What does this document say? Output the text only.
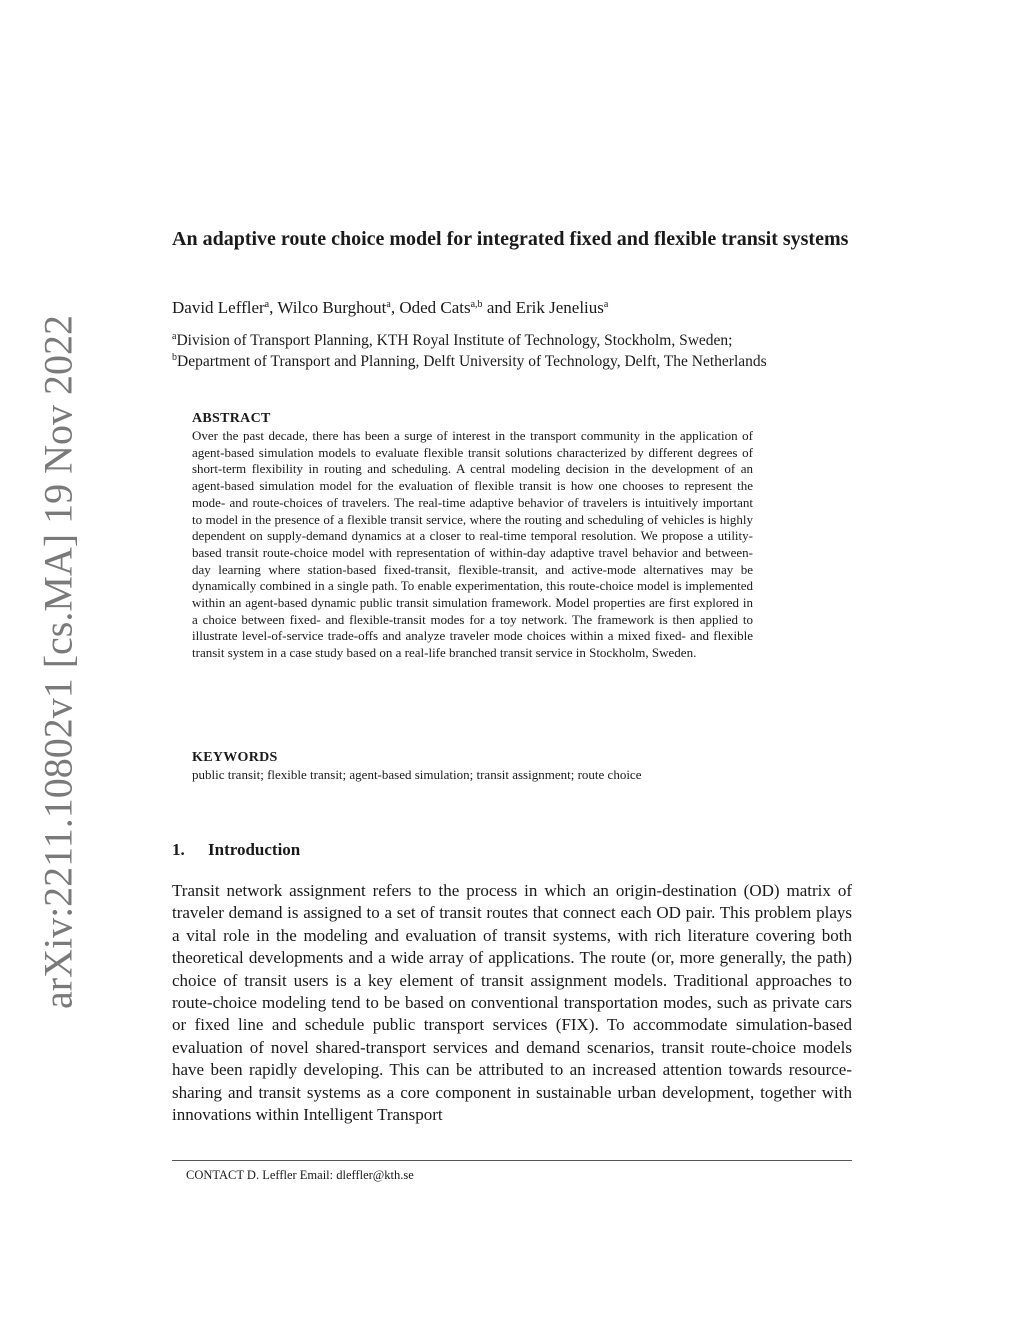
arXiv:2211.10802v1 [cs.MA] 19 Nov 2022
An adaptive route choice model for integrated fixed and flexible transit systems

David Leffler$^a$, Wilco Burghout$^a$, Oded Cats$^{a,b}$ and Erik Jenelius$^a$

$^a$Division of Transport Planning, KTH Royal Institute of Technology, Stockholm, Sweden;
$^b$Department of Transport and Planning, Delft University of Technology, Delft, The Netherlands
ABSTRACT
Over the past decade, there has been a surge of interest in the transport community in the application of agent-based simulation models to evaluate flexible transit solutions characterized by different degrees of short-term flexibility in routing and scheduling. A central modeling decision in the development of an agent-based simulation model for the evaluation of flexible transit is how one chooses to represent the mode- and route-choices of travelers. The real-time adaptive behavior of travelers is intuitively important to model in the presence of a flexible transit service, where the routing and scheduling of vehicles is highly dependent on supply-demand dynamics at a closer to real-time temporal resolution. We propose a utility-based transit route-choice model with representation of within-day adaptive travel behavior and between-day learning where station-based fixed-transit, flexible-transit, and active-mode alternatives may be dynamically combined in a single path. To enable experimentation, this route-choice model is implemented within an agent-based dynamic public transit simulation framework. Model properties are first explored in a choice between fixed- and flexible-transit modes for a toy network. The framework is then applied to illustrate level-of-service trade-offs and analyze traveler mode choices within a mixed fixed- and flexible transit system in a case study based on a real-life branched transit service in Stockholm, Sweden.
KEYWORDS
public transit; flexible transit; agent-based simulation; transit assignment; route choice
1. Introduction

Transit network assignment refers to the process in which an origin-destination (OD) matrix of traveler demand is assigned to a set of transit routes that connect each OD pair. This problem plays a vital role in the modeling and evaluation of transit systems, with rich literature covering both theoretical developments and a wide array of applications. The route (or, more generally, the path) choice of transit users is a key element of transit assignment models. Traditional approaches to route-choice modeling tend to be based on conventional transportation modes, such as private cars or fixed line and schedule public transport services (FIX). To accommodate simulation-based evaluation of novel shared-transport services and demand scenarios, transit route-choice models have been rapidly developing. This can be attributed to an increased attention towards resource-sharing and transit systems as a core component in sustainable urban development, together with innovations within Intelligent Transport

CONTACT D. Leffler Email: dleffler@kth.se
